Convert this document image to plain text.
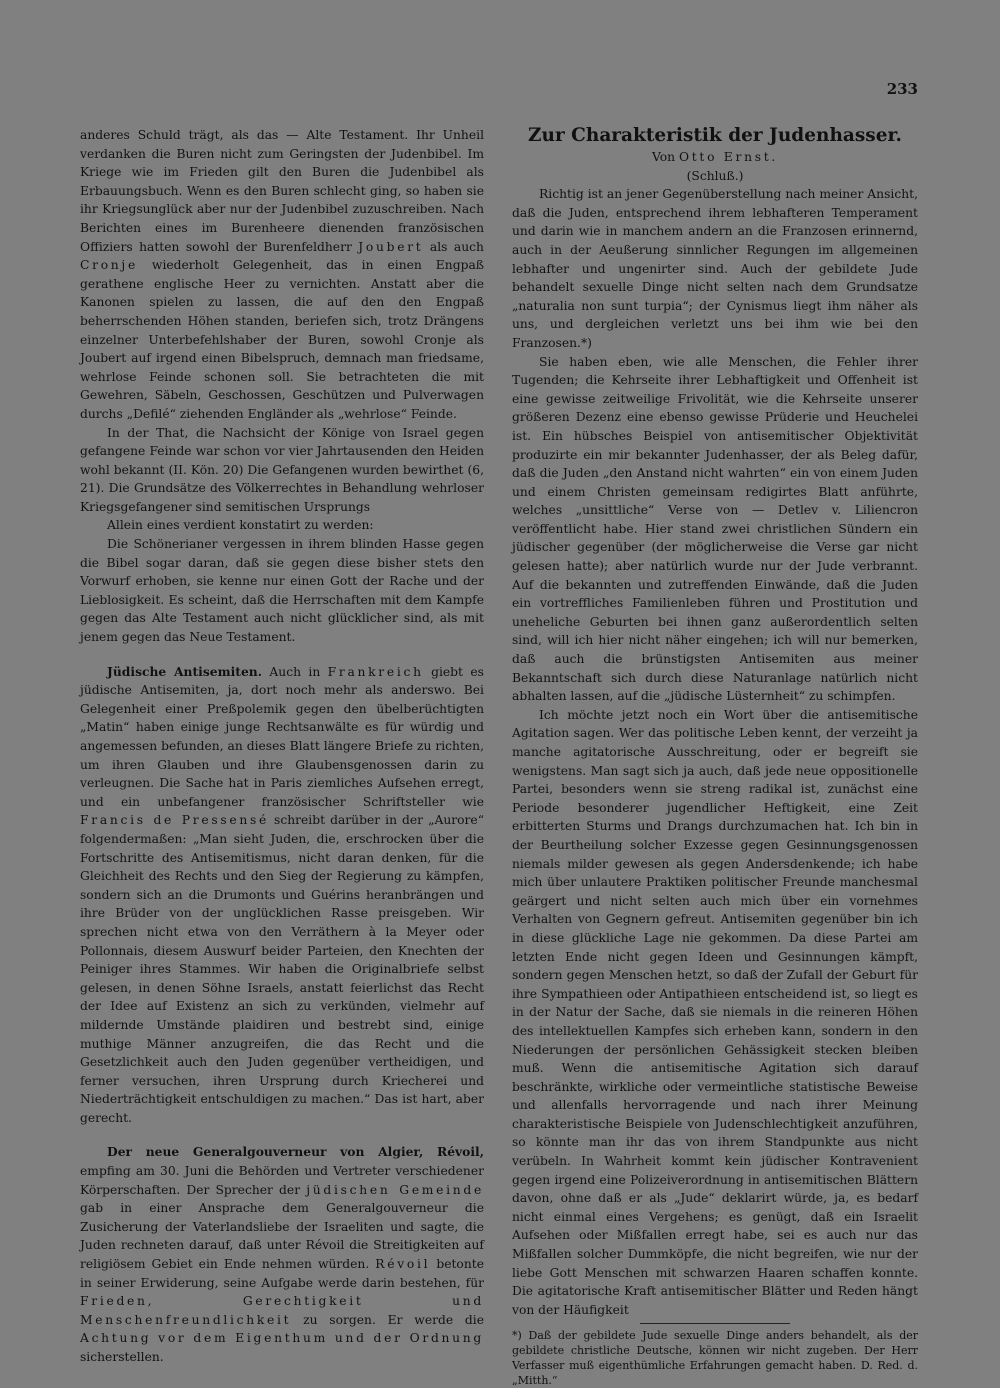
233

anderes Schuld trägt, als das — Alte Testament. Ihr Unheil verdanken die Buren nicht zum Geringsten der Judenbibel. Im Kriege wie im Frieden gilt den Buren die Judenbibel als Erbauungsbuch. Wenn es den Buren schlecht ging, so haben sie ihr Kriegsunglück aber nur der Judenbibel zuzuschreiben. Nach Berichten eines im Burenheere dienenden französischen Offiziers hatten sowohl der Burenfeldherr Joubert als auch Cronje wiederholt Gelegenheit, das in einen Engpaß gerathene englische Heer zu vernichten. Anstatt aber die Kanonen spielen zu lassen, die auf den den Engpaß beherrschenden Höhen standen, beriefen sich, trotz Drängens einzelner Unterbefehlshaber der Buren, sowohl Cronje als Joubert auf irgend einen Bibelspruch, demnach man friedsame, wehrlose Feinde schonen soll. Sie betrachteten die mit Gewehren, Säbeln, Geschossen, Geschützen und Pulverwagen durchs „Defilé“ ziehenden Engländer als „wehrlose“ Feinde.

In der That, die Nachsicht der Könige von Israel gegen gefangene Feinde war schon vor vier Jahrtausenden den Heiden wohl bekannt (II. Kön. 20) Die Gefangenen wurden bewirthet (6, 21). Die Grundsätze des Völkerrechtes in Behandlung wehrloser Kriegsgefangener sind semitischen Ursprungs

Allein eines verdient konstatirt zu werden:

Die Schönerianer vergessen in ihrem blinden Hasse gegen die Bibel sogar daran, daß sie gegen diese bisher stets den Vorwurf erhoben, sie kenne nur einen Gott der Rache und der Lieblosigkeit. Es scheint, daß die Herrschaften mit dem Kampfe gegen das Alte Testament auch nicht glücklicher sind, als mit jenem gegen das Neue Testament.

Jüdische Antisemiten. Auch in Frankreich giebt es jüdische Antisemiten, ja, dort noch mehr als anderswo. Bei Gelegenheit einer Preßpolemik gegen den übelberüchtigten „Matin“ haben einige junge Rechtsanwälte es für würdig und angemessen befunden, an dieses Blatt längere Briefe zu richten, um ihren Glauben und ihre Glaubensgenossen darin zu verleugnen. Die Sache hat in Paris ziemliches Aufsehen erregt, und ein unbefangener französischer Schriftsteller wie Francis de Pressensé schreibt darüber in der „Aurore“ folgendermaßen: „Man sieht Juden, die, erschrocken über die Fortschritte des Antisemitismus, nicht daran denken, für die Gleichheit des Rechts und den Sieg der Regierung zu kämpfen, sondern sich an die Drumonts und Guérins heranbrängen und ihre Brüder von der unglücklichen Rasse preisgeben. Wir sprechen nicht etwa von den Verräthern à la Meyer oder Pollonnais, diesem Auswurf beider Parteien, den Knechten der Peiniger ihres Stammes. Wir haben die Originalbriefe selbst gelesen, in denen Söhne Israels, anstatt feierlichst das Recht der Idee auf Existenz an sich zu verkünden, vielmehr auf mildernde Umstände plaidiren und bestrebt sind, einige muthige Männer anzugreifen, die das Recht und die Gesetzlichkeit auch den Juden gegenüber vertheidigen, und ferner versuchen, ihren Ursprung durch Kriecherei und Niederträchtigkeit entschuldigen zu machen.“ Das ist hart, aber gerecht.

Der neue Generalgouverneur von Algier, Révoil, empfing am 30. Juni die Behörden und Vertreter verschiedener Körperschaften. Der Sprecher der jüdischen Gemeinde gab in einer Ansprache dem Generalgouverneur die Zusicherung der Vaterlandsliebe der Israeliten und sagte, die Juden rechneten darauf, daß unter Révoil die Streitigkeiten auf religiösem Gebiet ein Ende nehmen würden. Révoil betonte in seiner Erwiderung, seine Aufgabe werde darin bestehen, für Frieden, Gerechtigkeit und Menschenfreundlichkeit zu sorgen. Er werde die Achtung vor dem Eigenthum und der Ordnung sicherstellen.

Zur Charakteristik der Judenhasser.

Von Otto Ernst.

(Schluß.)

Richtig ist an jener Gegenüberstellung nach meiner Ansicht, daß die Juden, entsprechend ihrem lebhafteren Temperament und darin wie in manchem andern an die Franzosen erinnernd, auch in der Aeußerung sinnlicher Regungen im allgemeinen lebhafter und ungenirter sind. Auch der gebildete Jude behandelt sexuelle Dinge nicht selten nach dem Grundsatze „naturalia non sunt turpia“; der Cynismus liegt ihm näher als uns, und dergleichen verletzt uns bei ihm wie bei den Franzosen.*)

Sie haben eben, wie alle Menschen, die Fehler ihrer Tugenden; die Kehrseite ihrer Lebhaftigkeit und Offenheit ist eine gewisse zeitweilige Frivolität, wie die Kehrseite unserer größeren Dezenz eine ebenso gewisse Prüderie und Heuchelei ist. Ein hübsches Beispiel von antisemitischer Objektivität produzirte ein mir bekannter Judenhasser, der als Beleg dafür, daß die Juden „den Anstand nicht wahrten“ ein von einem Juden und einem Christen gemeinsam redigirtes Blatt anführte, welches „unsittliche“ Verse von — Detlev v. Liliencron veröffentlicht habe. Hier stand zwei christlichen Sündern ein jüdischer gegenüber (der möglicherweise die Verse gar nicht gelesen hatte); aber natürlich wurde nur der Jude verbrannt. Auf die bekannten und zutreffenden Einwände, daß die Juden ein vortreffliches Familienleben führen und Prostitution und uneheliche Geburten bei ihnen ganz außerordentlich selten sind, will ich hier nicht näher eingehen; ich will nur bemerken, daß auch die brünstigsten Antisemiten aus meiner Bekanntschaft sich durch diese Naturanlage natürlich nicht abhalten lassen, auf die „jüdische Lüsternheit“ zu schimpfen.

Ich möchte jetzt noch ein Wort über die antisemitische Agitation sagen. Wer das politische Leben kennt, der verzeiht ja manche agitatorische Ausschreitung, oder er begreift sie wenigstens. Man sagt sich ja auch, daß jede neue oppositionelle Partei, besonders wenn sie streng radikal ist, zunächst eine Periode besonderer jugendlicher Heftigkeit, eine Zeit erbitterten Sturms und Drangs durchzumachen hat. Ich bin in der Beurtheilung solcher Exzesse gegen Gesinnungsgenossen niemals milder gewesen als gegen Andersdenkende; ich habe mich über unlautere Praktiken politischer Freunde manchesmal geärgert und nicht selten auch mich über ein vornehmes Verhalten von Gegnern gefreut. Antisemiten gegenüber bin ich in diese glückliche Lage nie gekommen. Da diese Partei am letzten Ende nicht gegen Ideen und Gesinnungen kämpft, sondern gegen Menschen hetzt, so daß der Zufall der Geburt für ihre Sympathieen oder Antipathieen entscheidend ist, so liegt es in der Natur der Sache, daß sie niemals in die reineren Höhen des intellektuellen Kampfes sich erheben kann, sondern in den Niederungen der persönlichen Gehässigkeit stecken bleiben muß. Wenn die antisemitische Agitation sich darauf beschränkte, wirkliche oder vermeintliche statistische Beweise und allenfalls hervorragende und nach ihrer Meinung charakteristische Beispiele von Judenschlechtigkeit anzuführen, so könnte man ihr das von ihrem Standpunkte aus nicht verübeln. In Wahrheit kommt kein jüdischer Kontravenient gegen irgend eine Polizeiverordnung in antisemitischen Blättern davon, ohne daß er als „Jude“ deklarirt würde, ja, es bedarf nicht einmal eines Vergehens; es genügt, daß ein Israelit Aufsehen oder Mißfallen erregt habe, sei es auch nur das Mißfallen solcher Dummköpfe, die nicht begreifen, wie nur der liebe Gott Menschen mit schwarzen Haaren schaffen konnte. Die agitatorische Kraft antisemitischer Blätter und Reden hängt von der Häufigkeit

*) Daß der gebildete Jude sexuelle Dinge anders behandelt, als der gebildete christliche Deutsche, können wir nicht zugeben. Der Herr Verfasser muß eigenthümliche Erfahrungen gemacht haben. D. Red. d. „Mitth.“
